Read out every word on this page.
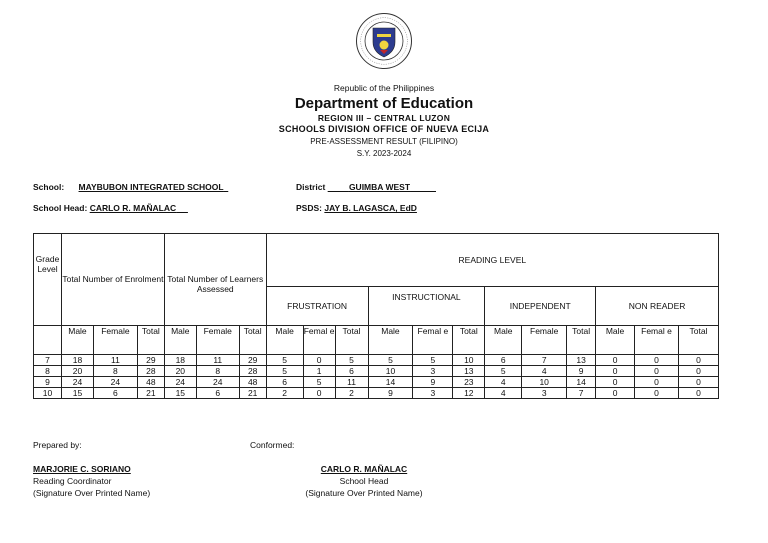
Republic of the Philippines
Department of Education
REGION III – CENTRAL LUZON
SCHOOLS DIVISION OFFICE OF NUEVA ECIJA
PRE-ASSESSMENT RESULT (FILIPINO)
S.Y. 2023-2024
School: MAYBUBON INTEGRATED SCHOOL	District	GUIMBA WEST
School Head: CARLO R. MAÑALAC	PSDS: JAY B. LAGASCA, EdD
Grade Level	Total Number of Enrolment			Total Number of Learners Assessed			READING LEVEL											
							FRUSTRATION			INSTRUCTIONAL			INDEPENDENT			NON READER		
	Male	Female	Total	Male	Female	Total	Male	Femal e	Total	Male	Femal e	Total	Male	Female	Total	Male	Femal e	Total
7	18	11	29	18	11	29	5	0	5	5	5	10	6	7	13	0	0	0
8	20	8	28	20	8	28	5	1	6	10	3	13	5	4	9	0	0	0
9	24	24	48	24	24	48	6	5	11	14	9	23	4	10	14	0	0	0
10	15	6	21	15	6	21	2	0	2	9	3	12	4	3	7	0	0	0
Prepared by:	Conformed:
MARJORIE C. SORIANO
Reading Coordinator
(Signature Over Printed Name)
CARLO R. MAÑALAC
School Head
(Signature Over Printed Name)
